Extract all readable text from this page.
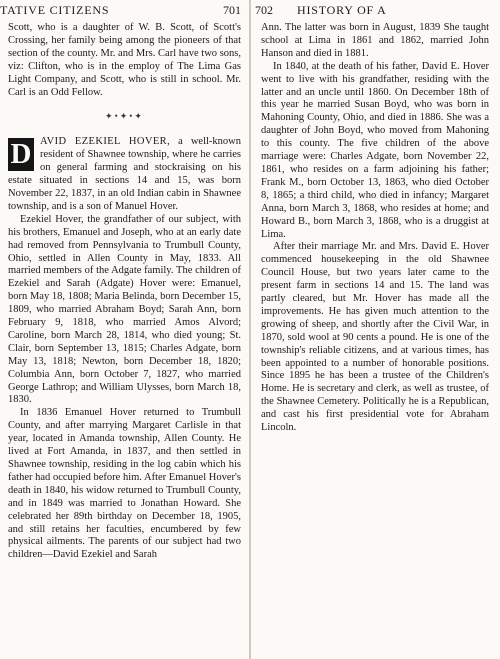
TATIVE CITIZENS	701

Scott, who is a daughter of W. B. Scott, of Scott's Crossing, her family being among the pioneers of that section of the county. Mr. and Mrs. Carl have two sons, viz: Clifton, who is in the employ of The Lima Gas Light Company, and Scott, who is still in school. Mr. Carl is an Odd Fellow.

✦•✦•✦

D AVID EZEKIEL HOVER, a well-known resident of Shawnee township, where he carries on general farming and stockraising on his estate situated in sections 14 and 15, was born November 22, 1837, in an old Indian cabin in Shawnee township, and is a son of Manuel Hover.

Ezekiel Hover, the grandfather of our subject, with his brothers, Emanuel and Joseph, who at an early date had removed from Pennsylvania to Trumbull County, Ohio, settled in Allen County in May, 1833. All married members of the Adgate family. The children of Ezekiel and Sarah (Adgate) Hover were: Emanuel, born May 18, 1808; Maria Belinda, born December 15, 1809, who married Abraham Boyd; Sarah Ann, born February 9, 1818, who married Amos Alvord; Caroline, born March 28, 1814, who died young; St. Clair, born September 13, 1815; Charles Adgate, born May 13, 1818; Newton, born December 18, 1820; Columbia Ann, born October 7, 1827, who married George Lathrop; and William Ulysses, born March 18, 1830.

In 1836 Emanuel Hover returned to Trumbull County, and after marrying Margaret Carlisle in that year, located in Amanda township, Allen County. He lived at Fort Amanda, in 1837, and then settled in Shawnee township, residing in the log cabin which his father had occupied before him. After Emanuel Hover's death in 1840, his widow returned to Trumbull County, and in 1849 was married to Jonathan Howard. She celebrated her 89th birthday on December 18, 1905, and still retains her faculties, encumbered by few physical ailments. The parents of our subject had two children—David Ezekiel and Sarah

702 HISTORY OF A

Ann. The latter was born in August, 1839 She taught school at Lima in 1861 and 1862, married John Hanson and died in 1881.

In 1840, at the death of his father, David E. Hover went to live with his grandfather, residing with the latter and an uncle until 1860. On December 18th of this year he married Susan Boyd, who was born in Mahoning County, Ohio, and died in 1886. She was a daughter of John Boyd, who moved from Mahoning to this county. The five children of the above marriage were: Charles Adgate, born November 22, 1861, who resides on a farm adjoining his father; Frank M., born October 13, 1863, who died October 8, 1865; a third child, who died in infancy; Margaret Anna, born March 3, 1868, who resides at home; and Howard B., born March 3, 1868, who is a druggist at Lima.

After their marriage Mr. and Mrs. David E. Hover commenced housekeeping in the old Shawnee Council House, but two years later came to the present farm in sections 14 and 15. The land was partly cleared, but Mr. Hover has made all the improvements. He has given much attention to the growing of sheep, and shortly after the Civil War, in 1870, sold wool at 90 cents a pound. He is one of the township's reliable citizens, and at various times, has been appointed to a number of honorable positions. Since 1895 he has been a trustee of the Children's Home. He is secretary and clerk, as well as trustee, of the Shawnee Cemetery. Politically he is a Republican, and cast his first presidential vote for Abraham Lincoln.
